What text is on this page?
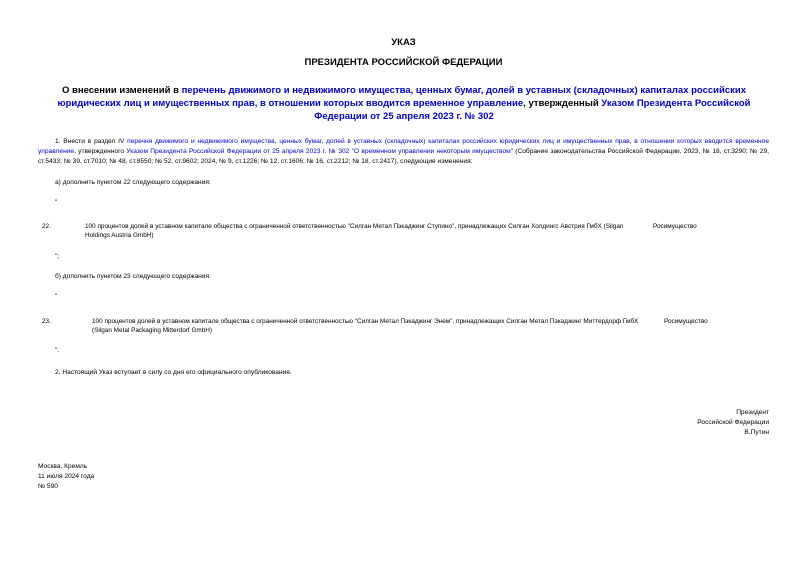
УКАЗ
ПРЕЗИДЕНТА РОССИЙСКОЙ ФЕДЕРАЦИИ
О внесении изменений в перечень движимого и недвижимого имущества, ценных бумаг, долей в уставных (складочных) капиталах российских юридических лиц и имущественных прав, в отношении которых вводится временное управление, утвержденный Указом Президента Российской Федерации от 25 апреля 2023 г. № 302
1. Внести в раздел IV перечня движимого и недвижимого имущества, ценных бумаг, долей в уставных (складочных) капиталах российских юридических лиц и имущественных прав, в отношении которых вводится временное управление, утвержденного Указом Президента Российской Федерации от 25 апреля 2023 г. № 302 "О временном управлении некоторым имуществом" (Собрание законодательства Российской Федерации, 2023, № 18, ст.3290; № 29, ст.5433; № 39, ст.7010; № 48, ст.8550; № 52, ст.9602; 2024, № 9, ст.1226; № 12, ст.1606; № 16, ст.2212; № 18, ст.2417), следующие изменения:
а) дополнить пунктом 22 следующего содержания:
"
22.	100 процентов долей в уставном капитале общества с ограниченной ответственностью "Силган Метал Пэкаджинг Ступино", принадлежащих Силган Холдингс Австрия ГмбХ (Silgan Holdings Austria GmbH)
Росимущество
";
б) дополнить пунктом 23 следующего содержания:
"
23.	100 процентов долей в уставном капитале общества с ограниченной ответственностью "Силган Метал Пэкаджинг Энем", принадлежащих Силган Метал Пэкаджинг Миттердорф ГмбХ (Silgan Metal Packaging Mitterdorf GmbH)
Росимущество
".
2. Настоящий Указ вступает в силу со дня его официального опубликования.
Президент
Российской Федерации
В.Путин
Москва, Кремль
11 июля 2024 года
№ 590
